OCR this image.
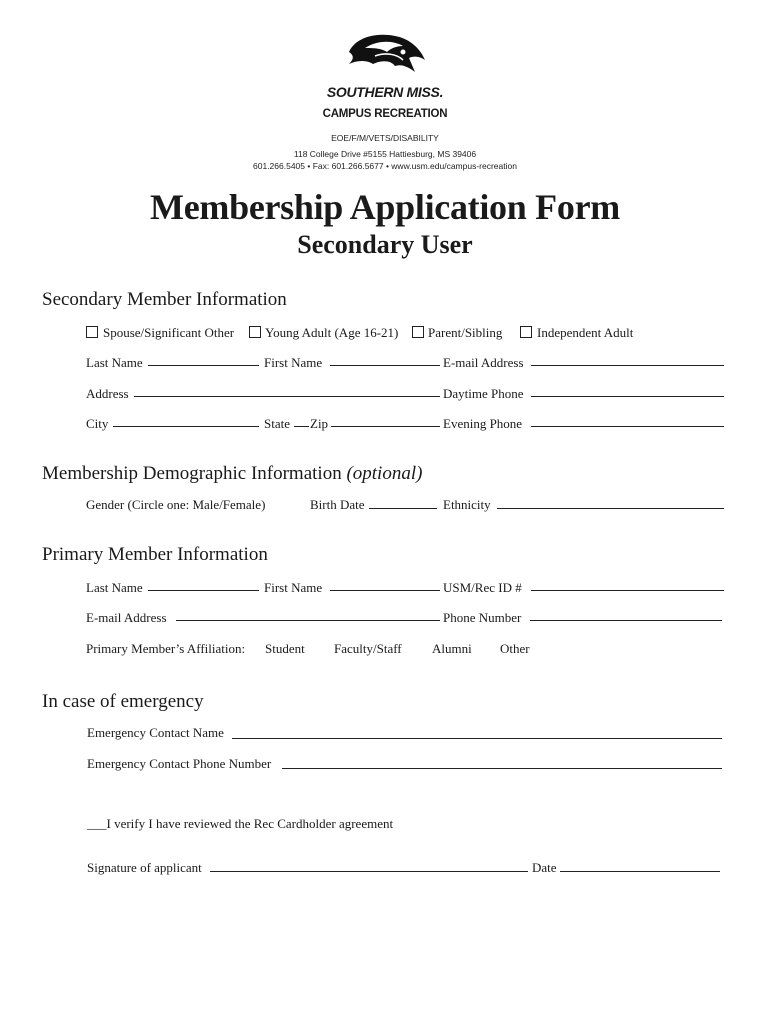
SOUTHERN MISS.
CAMPUS RECREATION
EOE/F/M/VETS/DISABILITY
118 College Drive #5155 Hattiesburg, MS 39406
601.266.5405 • Fax: 601.266.5677 • www.usm.edu/campus-recreation
Membership Application Form
Secondary User
Secondary Member Information
Spouse/Significant Other Young Adult (Age 16-21) Parent/Sibling	Independent Adult
Last Name	First Name	E-mail Address
Address	Daytime Phone
City	State Zip	Evening Phone
Membership Demographic Information (optional)
Gender (Circle one: Male/Female)	Birth Date	Ethnicity
Primary Member Information
Last Name	First Name	USM/Rec ID #
E-mail Address	Phone Number
Primary Member’s Affiliation: Student Faculty/Staff Alumni Other
In case of emergency
Emergency Contact Name
Emergency Contact Phone Number
___I verify I have reviewed the Rec Cardholder agreement
Signature of applicant	Date
